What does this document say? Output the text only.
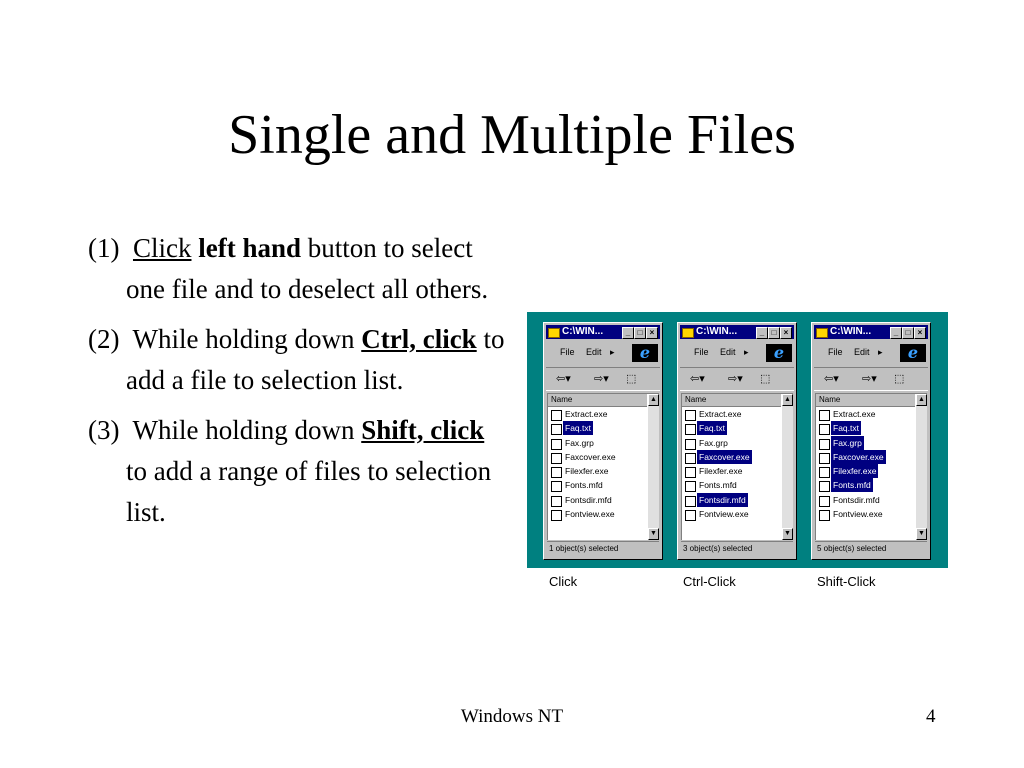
Single and Multiple Files
(1) Click left hand button to select one file and to deselect all others.
(2) While holding down Ctrl, click to add a file to selection list.
(3) While holding down Shift, click to add a range of files to selection list.
C:\WIN...	_ □ ×
File Edit ▸	e
⇦▾ ⇨▾ ⬚
Name
Extract.exe
Faq.txt
Fax.grp
Faxcover.exe
Filexfer.exe
Fonts.mfd
Fontsdir.mfd
Fontview.exe
▲
▼
1 object(s) selected
C:\WIN...	_ □ ×
File Edit ▸	e
⇦▾ ⇨▾ ⬚
Name
Extract.exe
Faq.txt
Fax.grp
Faxcover.exe
Filexfer.exe
Fonts.mfd
Fontsdir.mfd
Fontview.exe
▲
▼
3 object(s) selected
C:\WIN...	_ □ ×
File Edit ▸	e
⇦▾ ⇨▾ ⬚
Name
Extract.exe
Faq.txt
Fax.grp
Faxcover.exe
Filexfer.exe
Fonts.mfd
Fontsdir.mfd
Fontview.exe
▲
▼
5 object(s) selected
Click	Ctrl-Click	Shift-Click
Windows NT	4
